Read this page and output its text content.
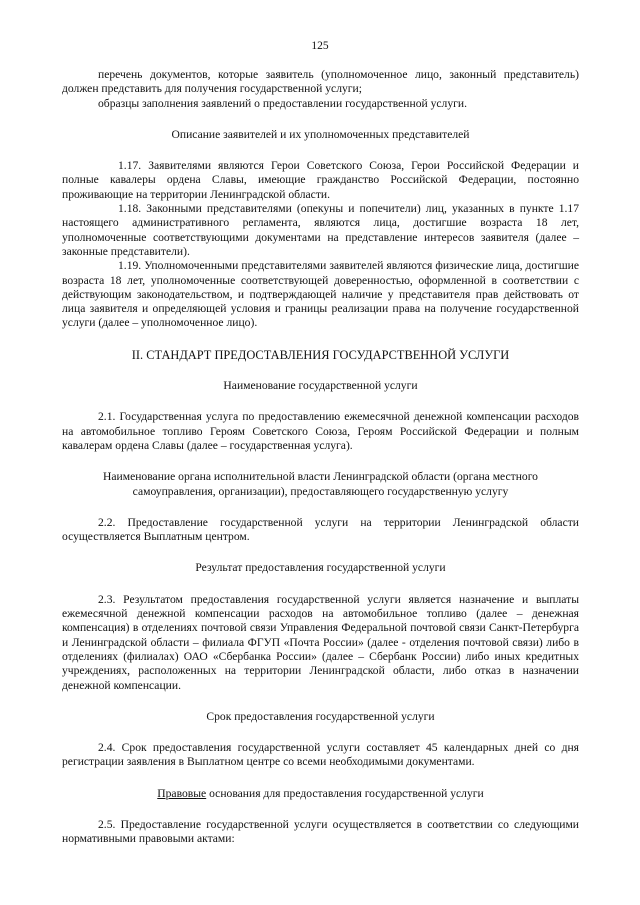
125

перечень документов, которые заявитель (уполномоченное лицо, законный представитель) должен представить для получения государственной услуги;

образцы заполнения заявлений о предоставлении государственной услуги.

Описание заявителей и их уполномоченных представителей

1.17. Заявителями являются Герои Советского Союза, Герои Российской Федерации и полные кавалеры ордена Славы, имеющие гражданство Российской Федерации, постоянно проживающие на территории Ленинградской области.

1.18. Законными представителями (опекуны и попечители) лиц, указанных в пункте 1.17 настоящего административного регламента, являются лица, достигшие возраста 18 лет, уполномоченные соответствующими документами на представление интересов заявителя (далее – законные представители).

1.19. Уполномоченными представителями заявителей являются физические лица, достигшие возраста 18 лет, уполномоченные соответствующей доверенностью, оформленной в соответствии с действующим законодательством, и подтверждающей наличие у представителя прав действовать от лица заявителя и определяющей условия и границы реализации права на получение государственной услуги (далее – уполномоченное лицо).

II. СТАНДАРТ ПРЕДОСТАВЛЕНИЯ ГОСУДАРСТВЕННОЙ УСЛУГИ

Наименование государственной услуги

2.1. Государственная услуга по предоставлению ежемесячной денежной компенсации расходов на автомобильное топливо Героям Советского Союза, Героям Российской Федерации и полным кавалерам ордена Славы (далее – государственная услуга).

Наименование органа исполнительной власти Ленинградской области (органа местного

самоуправления, организации), предоставляющего государственную услугу

2.2. Предоставление государственной услуги на территории Ленинградской области осуществляется Выплатным центром.

Результат предоставления государственной услуги

2.3. Результатом предоставления государственной услуги является назначение и выплаты ежемесячной денежной компенсации расходов на автомобильное топливо (далее – денежная компенсация) в отделениях почтовой связи Управления Федеральной почтовой связи Санкт-Петербурга и Ленинградской области – филиала ФГУП «Почта России» (далее - отделения почтовой связи) либо в отделениях (филиалах) ОАО «Сбербанка России» (далее – Сбербанк России) либо иных кредитных учреждениях, расположенных на территории Ленинградской области, либо отказ в назначении денежной компенсации.

Срок предоставления государственной услуги

2.4. Срок предоставления государственной услуги составляет 45 календарных дней со дня регистрации заявления в Выплатном центре со всеми необходимыми документами.

Правовые основания для предоставления государственной услуги

2.5. Предоставление государственной услуги осуществляется в соответствии со следующими нормативными правовыми актами:
